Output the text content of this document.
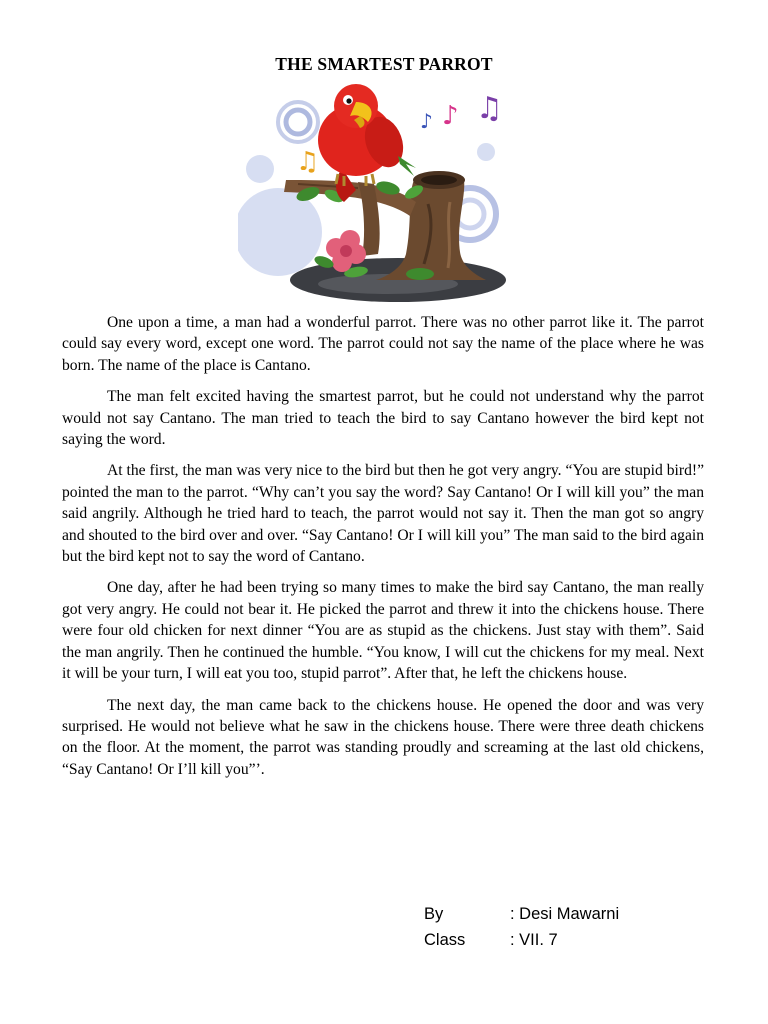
THE SMARTEST PARROT
♫
♪ ♪ ♫

One upon a time, a man had a wonderful parrot. There was no other parrot like it. The parrot could say every word, except one word. The parrot could not say the name of the place where he was born. The name of the place is Cantano.

The man felt excited having the smartest parrot, but he could not understand why the parrot would not say Cantano. The man tried to teach the bird to say Cantano however the bird kept not saying the word.

At the first, the man was very nice to the bird but then he got very angry. “You are stupid bird!” pointed the man to the parrot. “Why can’t you say the word? Say Cantano! Or I will kill you” the man said angrily. Although he tried hard to teach, the parrot would not say it. Then the man got so angry and shouted to the bird over and over. “Say Cantano! Or I will kill you” The man said to the bird again but the bird kept not to say the word of Cantano.

One day, after he had been trying so many times to make the bird say Cantano, the man really got very angry. He could not bear it. He picked the parrot and threw it into the chickens house. There were four old chicken for next dinner “You are as stupid as the chickens. Just stay with them”. Said the man angrily. Then he continued the humble. “You know, I will cut the chickens for my meal. Next it will be your turn, I will eat you too, stupid parrot”. After that, he left the chickens house.

The next day, the man came back to the chickens house. He opened the door and was very surprised. He would not believe what he saw in the chickens house. There were three death chickens on the floor. At the moment, the parrot was standing proudly and screaming at the last old chickens, “Say Cantano! Or I’ll kill you”’.

By	: Desi Mawarni
Class	: VII. 7
